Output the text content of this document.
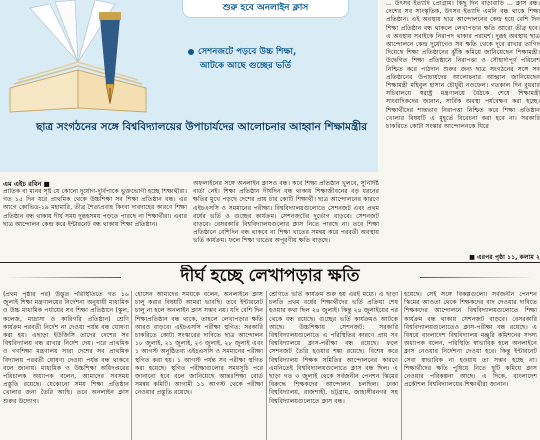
শুরু হবে অনলাইন ক্লাস
সেশনজটে পড়বে উচ্চ শিক্ষা,
আটকে আছে গুচ্ছের ভর্তি
ছাত্র সংগঠনের সঙ্গে বিশ্ববিদ্যালয়ের উপাচার্যদের আলোচনার আহ্বান শিক্ষামন্ত্রীর

... উৎসব ইত্যাদি প্রোগ্রাম। কিছু দিন বাড়াবাড়ি ... ক্লাস বন্ধ। দেশের সব সাংস্কৃতিক, উৎসব ইত্যাদি এমনি বন্ধ থাকে শিক্ষা প্রতিষ্ঠান। এই অবস্থায় ছাত্র আন্দোলনের কেন্দ্র হয়ে বেশি দিন শিক্ষা প্রতিষ্ঠান বন্ধ থাকলে লেখাপড়ার ক্ষতি আরো তীব্র হবে। এ অবস্থায় সবাইকে নিরাপদ থাকার পরামর্শ। দুরূহ অবস্থায় ছাত্র আন্দোলনে কেন্দ্র দুর্যোগেও সব ক্ষতি থেকে দূরে রাখার তাগিদ দিয়েছে শিক্ষা প্রতিষ্ঠানের ঝুঁকি কমিয়ে জানিয়েছেন শিক্ষামন্ত্রী। উদ্বেগিত শিক্ষা প্রতিষ্ঠানে নিরাপত্তা ও সৌহার্দ্যপূর্ণ পরিবেশ নিশ্চিত করে পাঠদান শুরুর জন্য ছাত্র সংগঠনের সঙ্গে সব প্রতিষ্ঠানের উপাচার্যদের আলোচনার আহ্বান জানিয়েছেন শিক্ষামন্ত্রী মহিবুল হাসান চৌধুরী নওফেল। গতকাল দিন বুধবার সচিবালয়ে স্বরাষ্ট্র মন্ত্রণালয়ে বৈঠকে শেষে শিক্ষামন্ত্রী সাংবাদিকদের জানান, সার্বিক অবস্থা পর্যবেক্ষণ করা হচ্ছে। শিক্ষার্থীদের শান্তভাব নিরাপত্তা নিশ্চিত করে শিক্ষা প্রতিষ্ঠান খোলার বিষয়টি এ মুহূর্তে বিবেচনা করা হবে না। সরকারি চাকরিতে কোটা সংস্কার আন্দোলনকে ঘিরে

■ এরপর পৃষ্ঠা ১১, কলাম ২
এম এইচ রবিন ■

প্রাতিক বা মানব সৃষ্ট যে কোনো দুর্যোগ-দুর্বিপাকে ভুক্তভোগী হচ্ছে শিক্ষার্থীরা। গত ১৫ দিন ধরে প্রাথমিক থেকে উচ্চশিক্ষা সব শিক্ষা প্রতিষ্ঠান বন্ধ। এর আগে কোভিড-১৯ মহামারি, তীব্র শৈত্যপ্রবাহ কিংবা দাবদাহের কারণে শিক্ষা প্রতিষ্ঠান বন্ধ থাকায় দীর্ঘ সময় দুরূহসময় পড়তে পারছে না শিক্ষার্থীরা। এবার ছাত্র আন্দোলন কেন্দ্র করে ইন্টারনেট বন্ধ থাকায় শিক্ষা প্রতিষ্ঠান।

অফলাইনের সঙ্গে অনলাইন ক্লাসও বন্ধ। কবে শিক্ষা প্রতিষ্ঠান খুলবে, সুনির্দিষ্ট বার্তা নেই। শিক্ষা প্রতিষ্ঠান দীর্ঘদিন বন্ধ থাকায় শিক্ষাজীবনের বড় ধরনের ক্ষতির মুখে পড়ছে দেশের প্রায় চার কোটি শিক্ষার্থী। ছাত্র আন্দোলনের কারণে এইচএসসি ও সমমানের পরীক্ষা। বিশ্ববিদ্যালয়গুলোতে সেশনজট এবং প্রথম বর্ষের ভর্তি ও গুচ্ছের কার্যক্রম। সেশনজটের দুর্ভোগ বাড়বে। সেশনজট বাড়বে। বেসরকারি বিশ্ববিদ্যালয়গুলোর ক্লাস নিতে পারছে না। তবে শিক্ষা প্রতিষ্ঠানে বেশিদিন বন্ধ থাকবে না শিক্ষা খাতের সমন্বয় করে পরবর্তী অবস্থায় ভর্তি কার্যক্রম। ফলে শিক্ষা খাতের অপূরণীয় ক্ষতি বাড়ছে।

দীর্ঘ হচ্ছে লেখাপড়ার ক্ষতি

(প্রথম পৃষ্ঠার পর) উদ্ভূত পরিস্থিতিতে গত ১৬ জুলাই শিক্ষা মন্ত্রণালয়ের নির্দেশনা অনুযায়ী মাধ্যমিক ও উচ্চ মাধ্যমিক পর্যায়ের সব শিক্ষা প্রতিষ্ঠানে (স্কুল, কলেজ, মাদ্রাসা ও কারিগরি প্রতিষ্ঠান) শ্রেণি কার্যক্রম পরবর্তী নির্দেশ না দেওয়া পর্যন্ত বন্ধ ঘোষণা করা হয়। এছাড়া ইউজিসি তাদের দেশের সব বিশ্ববিদ্যালয় বন্ধ রাখার নির্দেশ দেয়। পরে প্রাথমিক ও গণশিক্ষা মন্ত্রণালয় সারা দেশের সব প্রাথমিক বিদ্যালয় পরবর্তী ঘোষণা দেওয়া পর্যন্ত বন্ধ থাকবে বলে জানায়। মাধ্যমিক ও উচ্চশিক্ষা অধিদপ্তরের পরিচালক অধ্যাপক বলেন, আমাদের সবসময় প্রস্তুতি রয়েছে। যেকোনো সময় শিক্ষা প্রতিষ্ঠান খোলার জন্য তৈরি আছি। তবে অনলাইন ক্লাস শুরুর উদ্যোগ।

হোসেন আমাদের সময়কে বলেন, অনলাইনে ক্লাস চালু করার বিষয়টি আমরা ভাবছি। তবে ইন্টারনেট চালু না হলে অনলাইন ক্লাস সম্ভব নয়। যদি বেশি দিন শিক্ষাপ্রতিষ্ঠান বন্ধ থাকে, তাহলে লেখাপড়ার ক্ষতি আরও বাড়বে। এইচএসসি পরীক্ষা স্থগিত: সরকারি চাকরিতে কোটা সংস্কারের দাবিতে ছাত্র আন্দোলন ১৮ জুলাই, ২১ জুলাই, ২৩ জুলাই, ২৮ জুলাই এবং ১ আগস্ট অনুষ্ঠিতব্য এইচএসসি ও সমমানের পরীক্ষা স্থগিত করা হয়। ১ আগস্ট পর্যন্ত সব পরীক্ষা স্থগিত করা হয়েছে। স্থগিত পরীক্ষাগুলোর সময়সূচি পরে জানানো হবে বলে জানিয়েছে আন্তঃশিক্ষা বোর্ড সমন্বয় কমিটি। আগামী ১১ আগস্ট থেকে পরীক্ষা নেওয়ার প্রস্তুতি রয়েছে।

শ্রেণিতে ভর্তি কার্যক্রম শুরু হয় এরই মধ্যে। এ ছাড়া চলতি প্রথম বর্ষের শিক্ষার্থীদের ভর্তি প্রক্রিয়া শেষ হওয়ার কথা ছিল ২৪ জুলাই। কিন্তু ২৪ জুলাইয়ের পর থেকে বন্ধ রয়েছে। গুচ্ছের ভর্তি কার্যক্রমও আটকে আছে। উচ্চশিক্ষায় সেশনজট: সরকারি বিশ্ববিদ্যালয়গুলোতে এ পরিস্থিতির কারণে প্রায় সব বিশ্ববিদ্যালয়ে ক্লাস-পরীক্ষা বন্ধ রয়েছে। ফলে সেশনজট তৈরি হওয়ার শঙ্কা রয়েছে। বিশেষ করে বিশ্ববিদ্যালয় শিক্ষক সমিতির আন্দোলনের কারণে এমনিতেই বিশ্ববিদ্যালয়গুলোতে ক্লাস বন্ধ ছিল। এ ছাড়া গত ৩ জুলাই থেকে সর্বজনীন পেনশন স্কিমের বিরুদ্ধে শিক্ষকদের আন্দোলন চলছিল। ঢাকা বিশ্ববিদ্যালয়, রাজশাহী, চট্টগ্রাম, জাহাঙ্গীরনগর সহ বিশ্ববিদ্যালয়গুলোতে ক্লাস বন্ধ।

হয়েছে। সেই সঙ্গে বিকল্পগুলো। সর্বজনীন পেনশন স্কিমের আওতা থেকে শিক্ষকদের বাদ দেওয়ার দাবিতে শিক্ষকদের আন্দোলনে বিশ্ববিদ্যালয়গুলোতে শিক্ষা কার্যক্রম বন্ধ থাকায় সেশনজট বাড়বে। বেসরকারি বিশ্ববিদ্যালয়গুলোতেও ক্লাস-পরীক্ষা বন্ধ রয়েছে। এ বিষয়ে বাংলাদেশ বিশ্ববিদ্যালয় মঞ্জুরি কমিশনের সদস্য অধ্যাপক বলেন, পরিস্থিতি স্বাভাবিক হলে অনলাইনে ক্লাস নেওয়ার নির্দেশনা দেওয়া হবে। কিন্তু ইন্টারনেট সেবা স্বাভাবিক না হওয়ায় তা সম্ভব হচ্ছে না। শিক্ষার্থীদের ক্ষতি পুষিয়ে নিতে ছুটি কমিয়ে ক্লাস নেওয়ার পরিকল্পনা আছে। এ দিকে, বাংলাদেশ প্রকৌশল বিশ্ববিদ্যালয়ের শিক্ষার্থীরা জানান।
